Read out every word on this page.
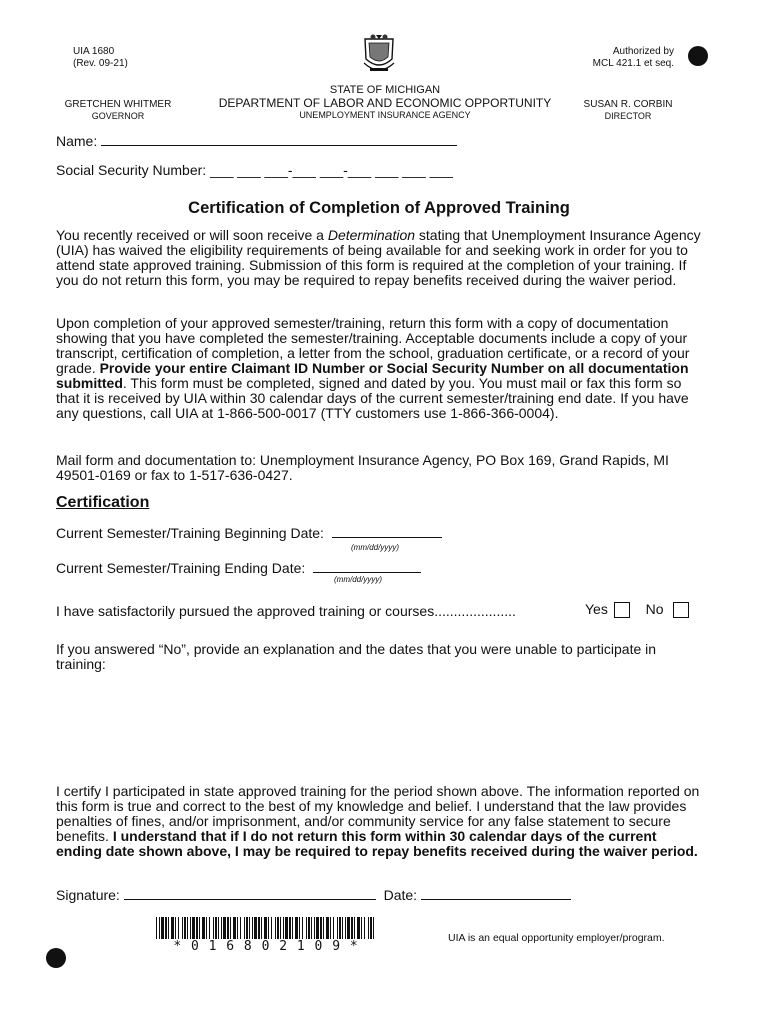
UIA 1680
(Rev. 09-21)
Authorized by
MCL 421.1 et seq.
STATE OF MICHIGAN
DEPARTMENT OF LABOR AND ECONOMIC OPPORTUNITY
UNEMPLOYMENT INSURANCE AGENCY
GRETCHEN WHITMER
GOVERNOR
SUSAN R. CORBIN
DIRECTOR
Name:
Social Security Number: ___ ___ ___-___ ___-___ ___ ___ ___
Certification of Completion of Approved Training
You recently received or will soon receive a Determination stating that Unemployment Insurance Agency (UIA) has waived the eligibility requirements of being available for and seeking work in order for you to attend state approved training. Submission of this form is required at the completion of your training. If you do not return this form, you may be required to repay benefits received during the waiver period.
Upon completion of your approved semester/training, return this form with a copy of documentation showing that you have completed the semester/training. Acceptable documents include a copy of your transcript, certification of completion, a letter from the school, graduation certificate, or a record of your grade. Provide your entire Claimant ID Number or Social Security Number on all documentation submitted. This form must be completed, signed and dated by you. You must mail or fax this form so that it is received by UIA within 30 calendar days of the current semester/training end date. If you have any questions, call UIA at 1-866-500-0017 (TTY customers use 1-866-366-0004).
Mail form and documentation to: Unemployment Insurance Agency, PO Box 169, Grand Rapids, MI 49501-0169 or fax to 1-517-636-0427.
Certification
Current Semester/Training Beginning Date:
(mm/dd/yyyy)
Current Semester/Training Ending Date:
(mm/dd/yyyy)
I have satisfactorily pursued the approved training or courses.....................	Yes	No
If you answered “No”, provide an explanation and the dates that you were unable to participate in training:
I certify I participated in state approved training for the period shown above. The information reported on this form is true and correct to the best of my knowledge and belief. I understand that the law provides penalties of fines, and/or imprisonment, and/or community service for any false statement to secure benefits. I understand that if I do not return this form within 30 calendar days of the current ending date shown above, I may be required to repay benefits received during the waiver period.
Signature:	Date:
* 0 1 6 8 0 2 1 0 9 *
UIA is an equal opportunity employer/program.
